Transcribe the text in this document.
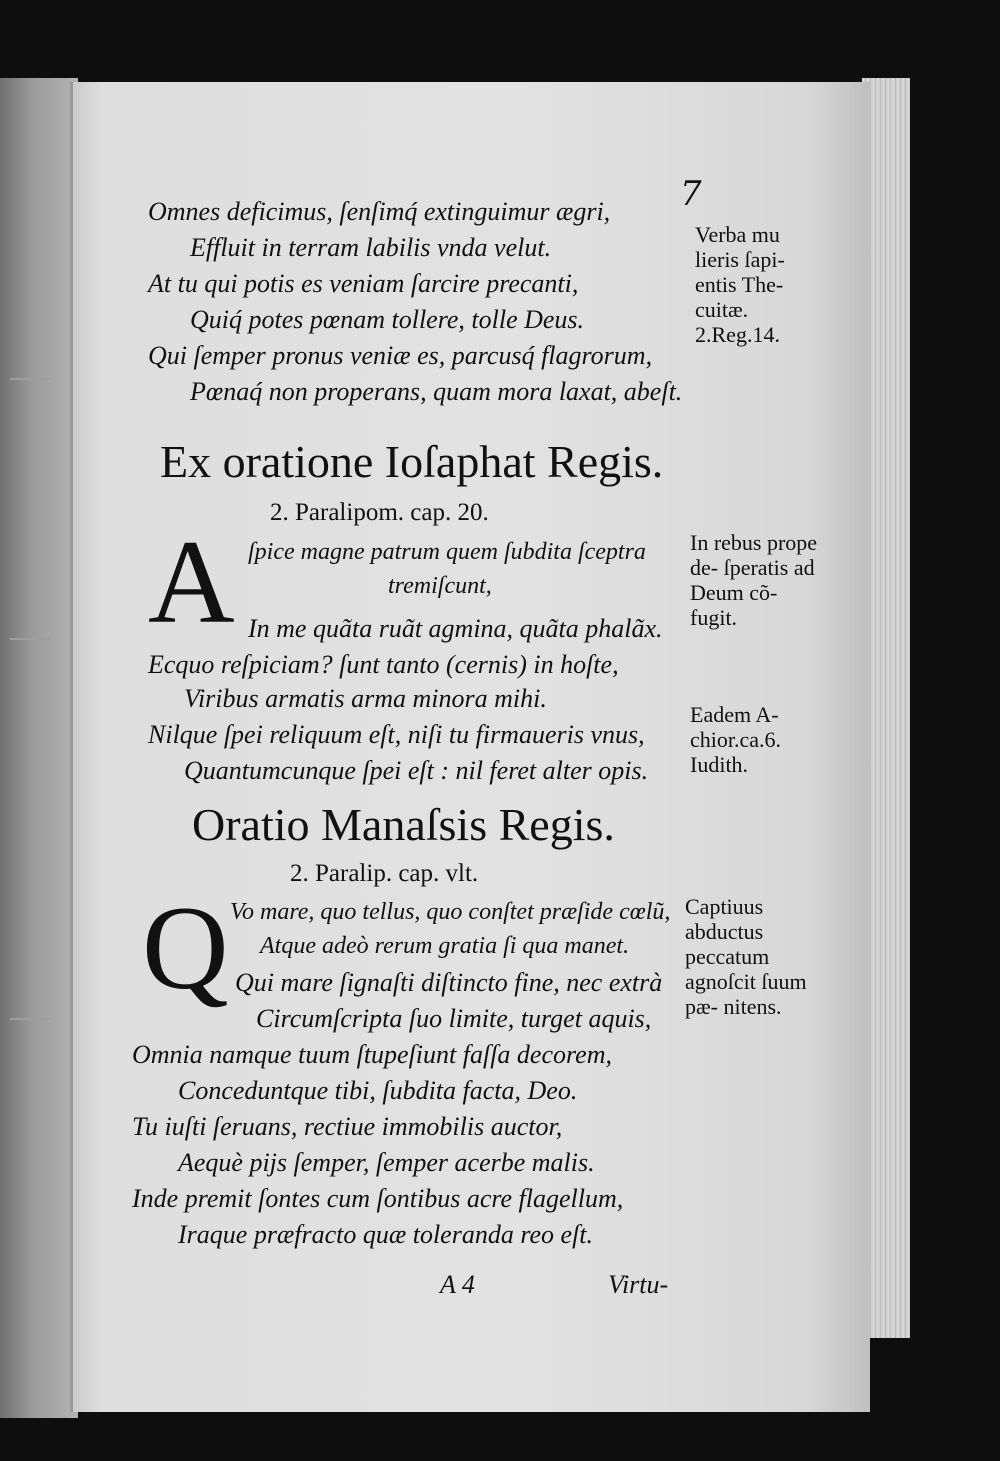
7
Omnes deficimus, ſenſimq́ extinguimur ægri,
Effluit in terram labilis vnda velut.
At tu qui potis es veniam ſarcire precanti,
Quiq́ potes pœnam tollere, tolle Deus.
Qui ſemper pronus veniæ es, parcusq́ flagrorum,
Pœnaq́ non properans, quam mora laxat, abeſt.
Verba mu lieris ſapi- entis The- cuitæ. 2.Reg.14.
Ex oratione Ioſaphat Regis.
2. Paralipom. cap. 20.
A ſpice magne patrum quem ſubdita ſceptra
tremiſcunt,
In me quãta ruãt agmina, quãta phalãx.
Ecquo reſpiciam? ſunt tanto (cernis) in hoſte,
Viribus armatis arma minora mihi.
Nilque ſpei reliquum eſt, niſi tu firmaueris vnus,
Quantumcunque ſpei eſt : nil feret alter opis.
In rebus prope de- ſperatis ad Deum cõ- fugit.
Eadem A- chior.ca.6. Iudith.
Oratio Manaſsis Regis.
2. Paralip. cap. vlt.
Q Vo mare, quo tellus, quo conſtet præſide cœlũ,
Atque adeò rerum gratia ſi qua manet.
Qui mare ſignaſti diſtincto fine, nec extrà
Circumſcripta ſuo limite, turget aquis,
Omnia namque tuum ſtupeſiunt faſſa decorem,
Conceduntque tibi, ſubdita facta, Deo.
Tu iuſti ſeruans, rectiue immobilis auctor,
Aequè pijs ſemper, ſemper acerbe malis.
Inde premit ſontes cum ſontibus acre flagellum,
Iraque præfracto quæ toleranda reo eſt.
Captiuus abductus peccatum agnoſcit ſuum pæ- nitens.
A 4	Virtu-
